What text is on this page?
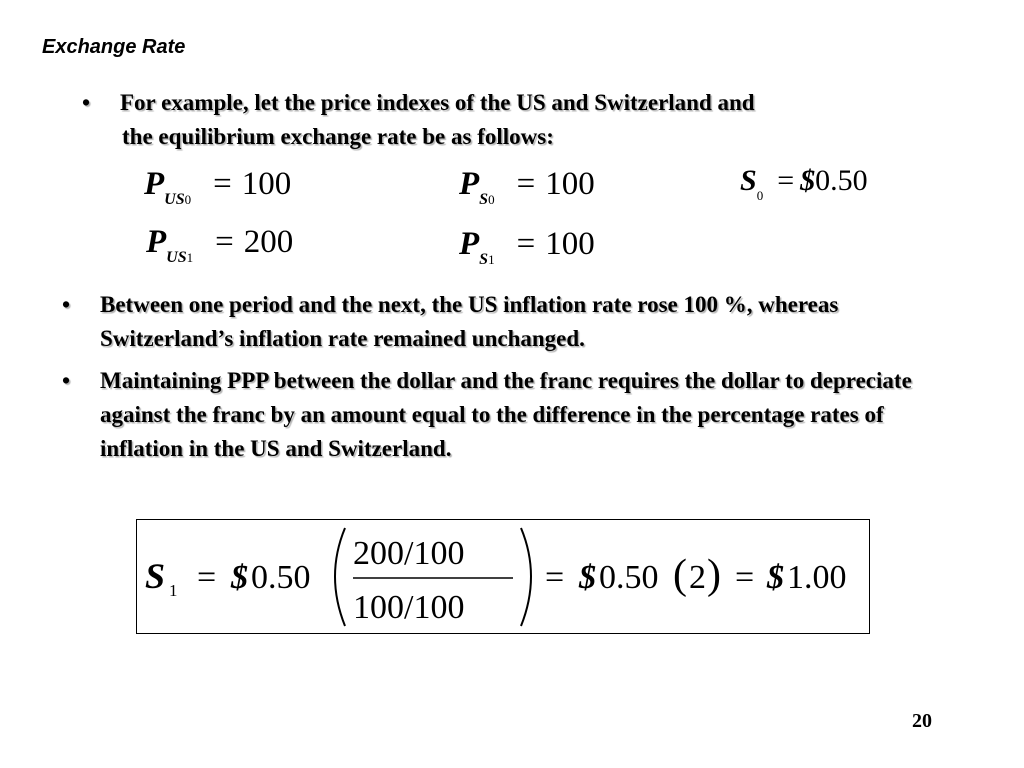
Exchange Rate
•	For example, let the price indexes of the US and Switzerland and
the equilibrium exchange rate be as follows:
$P_{US0} = 100$
$P_{US1} = 200$
$P_{S0} = 100$
$P_{S1} = 100$
$S_0$ = $0.50
•	Between one period and the next, the US inflation rate rose 100 %, whereas Switzerland’s inflation rate remained unchanged.
•	Maintaining PPP between the dollar and the franc requires the dollar to depreciate against the franc by an amount equal to the difference in the percentage rates of inflation in the US and Switzerland.
S 1 = $ 0.50
200/100
100/100
= $ 0.50 ( 2 ) = $ 1.00
20
